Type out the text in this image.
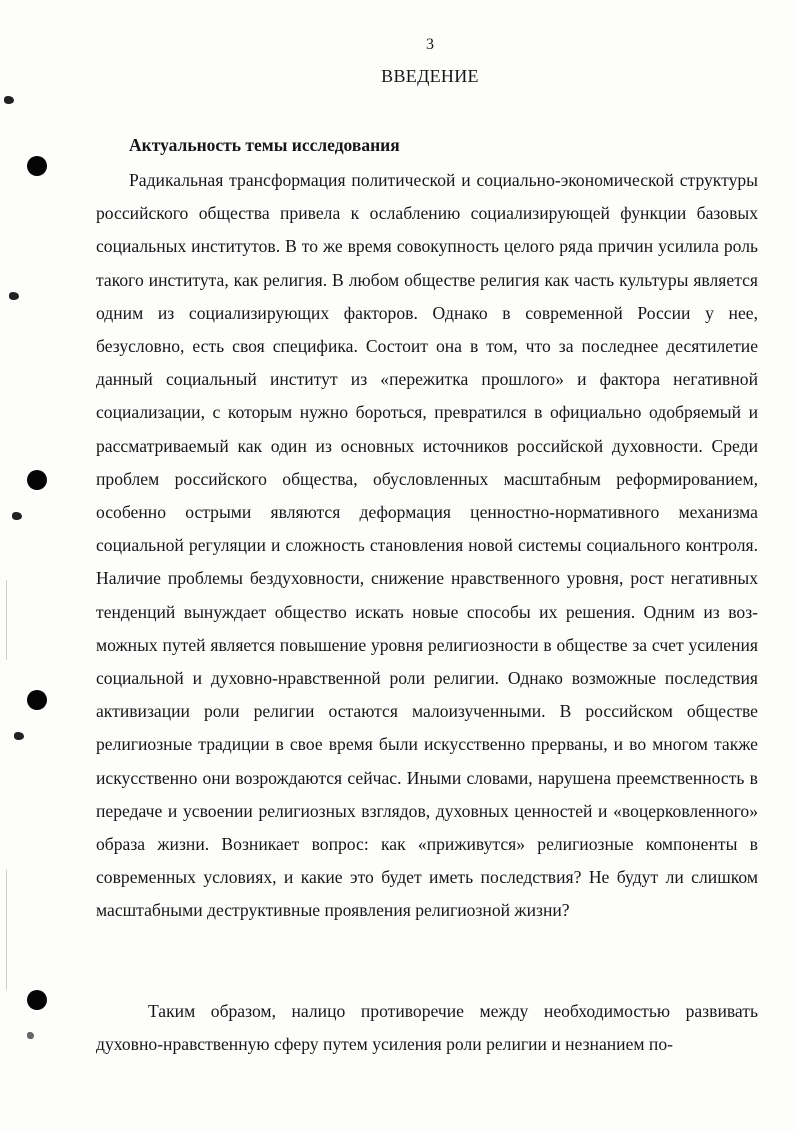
3
ВВЕДЕНИЕ
Актуальность темы исследования

Радикальная трансформация политической и социально-экономической структуры российского общества привела к ослаблению социализирующей функции базовых социальных институтов. В то же время совокупность целого ряда причин усилила роль такого института, как религия. В любом обществе религия как часть культуры является одним из социализирующих факторов. Однако в современной России у нее, безусловно, есть своя специфика. Состоит она в том, что за последнее десятилетие данный социальный институт из «пережитка прошлого» и фактора негативной социализации, с которым нужно бороться, превратился в официально одобряемый и рассматриваемый как один из основных источников российской духовности. Среди проблем российского общества, обусловленных масштабным реформированием, особенно острыми являются деформация ценностно-нормативного механизма социальной регуляции и сложность становления новой системы социального контроля. Наличие проблемы бездуховности, снижение нравственного уровня, рост негативных тенденций вынуждает общество искать новые способы их решения. Одним из возможных путей является повышение уровня религиозности в обществе за счет усиления социальной и духовно-нравственной роли религии. Однако возможные последствия активизации роли религии остаются малоизученными. В российском обществе религиозные традиции в свое время были искусственно прерваны, и во многом также искусственно они возрождаются сейчас. Иными словами, нарушена преемственность в передаче и усвоении религиозных взглядов, духовных ценностей и «воцерковленного» образа жизни. Возникает вопрос: как «приживутся» религиозные компоненты в современных условиях, и какие это будет иметь последствия? Не будут ли слишком масштабными деструктивные проявления религиозной жизни?

Таким образом, налицо противоречие между необходимостью развивать духовно-нравственную сферу путем усиления роли религии и незнанием по-
